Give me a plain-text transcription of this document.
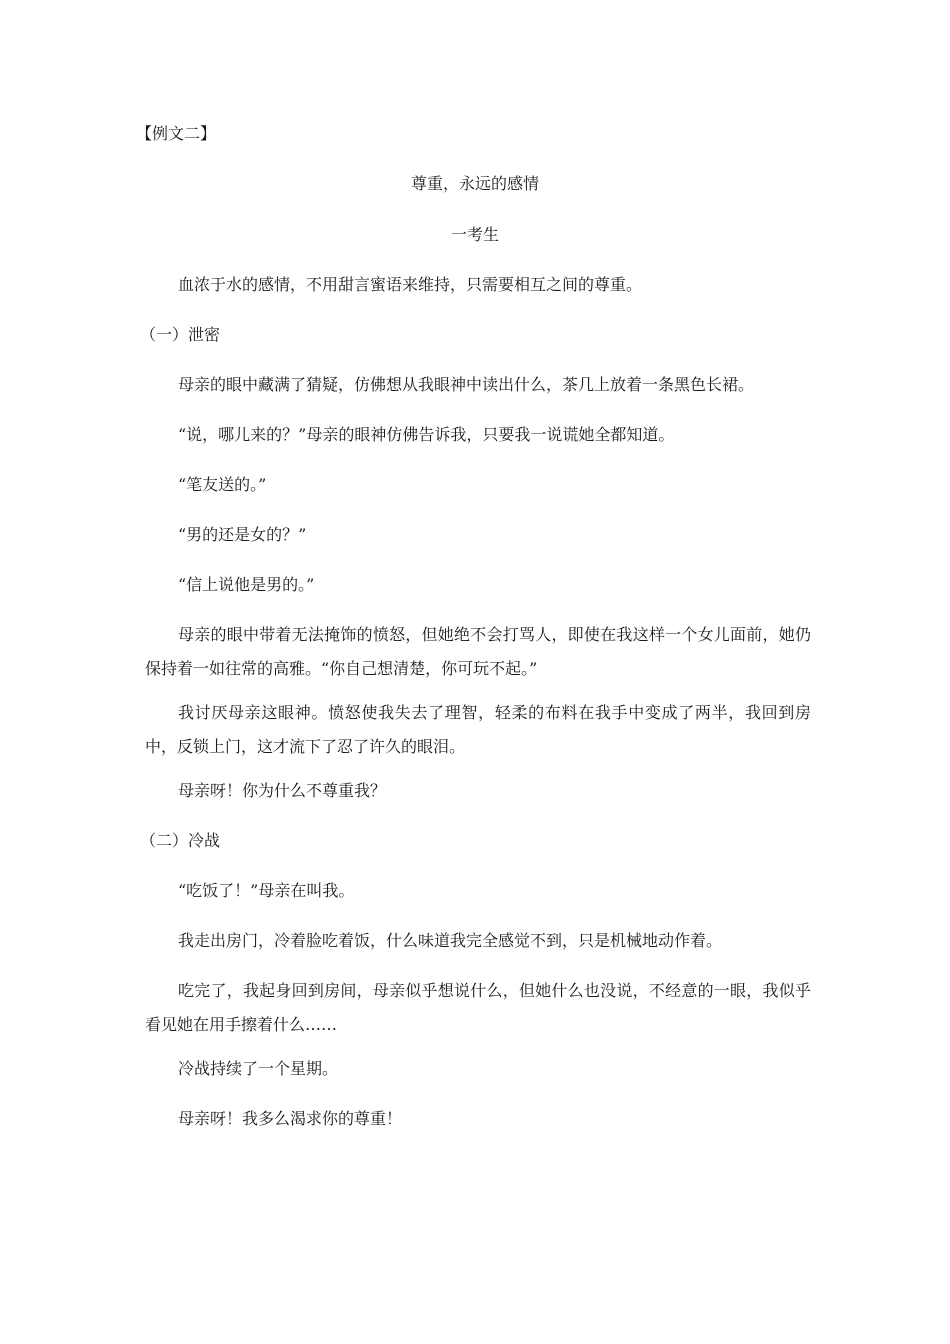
【例文二】
尊重，永远的感情
一考生
血浓于水的感情，不用甜言蜜语来维持，只需要相互之间的尊重。
（一）泄密

母亲的眼中藏满了猜疑，仿佛想从我眼神中读出什么，茶几上放着一条黑色长裙。

“说，哪儿来的？”母亲的眼神仿佛告诉我，只要我一说谎她全都知道。

“笔友送的。”

“男的还是女的？”

“信上说他是男的。”

母亲的眼中带着无法掩饰的愤怒，但她绝不会打骂人，即使在我这样一个女儿面前，她仍保持着一如往常的高雅。“你自己想清楚，你可玩不起。”

我讨厌母亲这眼神。愤怒使我失去了理智，轻柔的布料在我手中变成了两半，我回到房中，反锁上门，这才流下了忍了许久的眼泪。

母亲呀！你为什么不尊重我？

（二）冷战

“吃饭了！”母亲在叫我。

我走出房门，冷着脸吃着饭，什么味道我完全感觉不到，只是机械地动作着。

吃完了，我起身回到房间，母亲似乎想说什么，但她什么也没说，不经意的一眼，我似乎看见她在用手擦着什么……

冷战持续了一个星期。

母亲呀！我多么渴求你的尊重！
